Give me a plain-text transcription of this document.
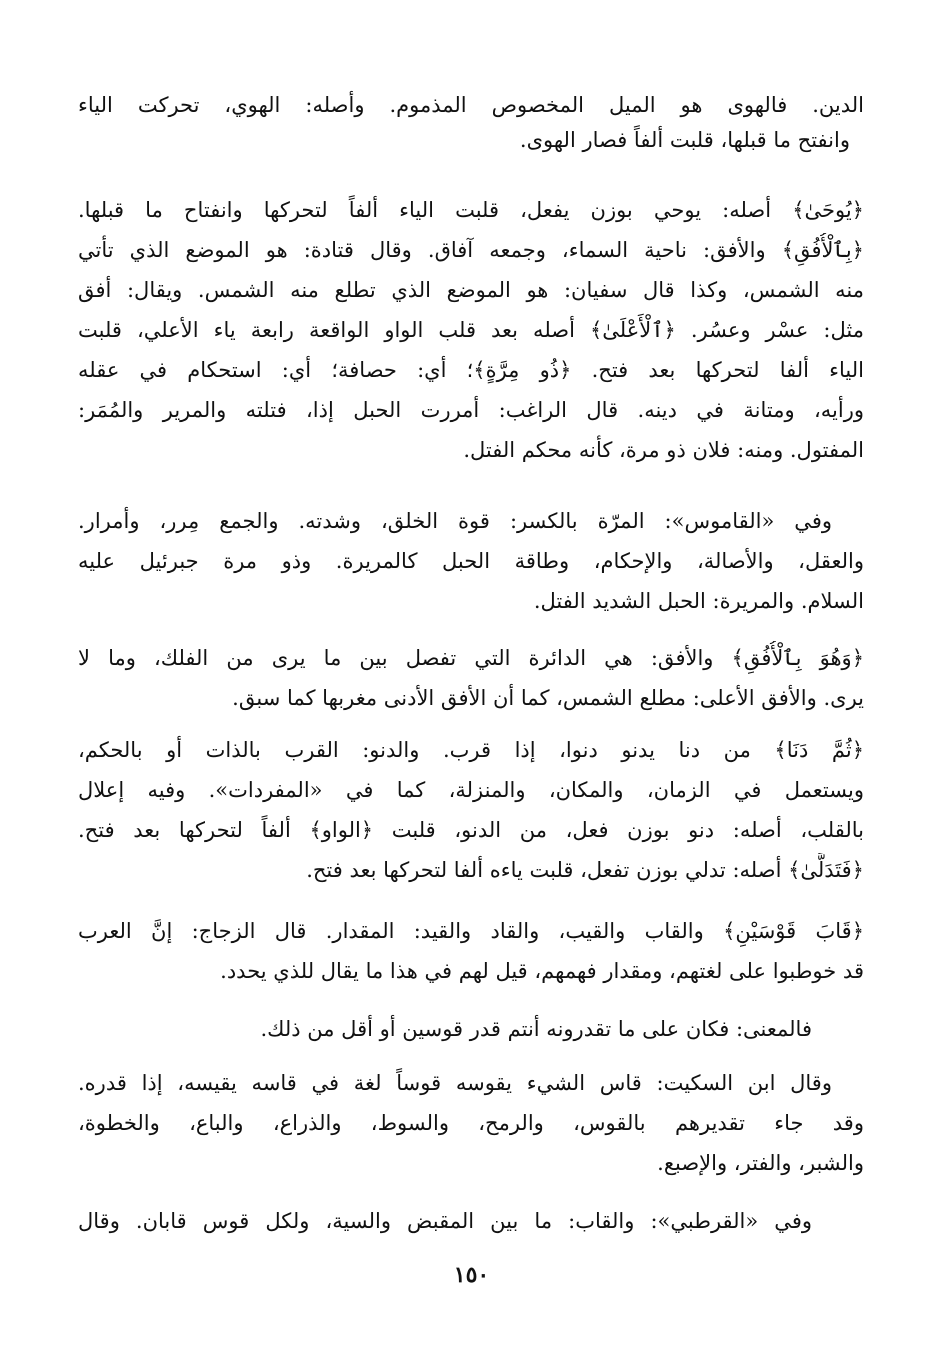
الدين. فالهوى هو الميل المخصوص المذموم. وأصله: الهوي، تحركت الياء
وانفتح ما قبلها، قلبت ألفاً فصار الهوى.
﴿يُوحَىٰ﴾ أصله: يوحي بوزن يفعل، قلبت الياء ألفاً لتحركها وانفتاح ما قبلها.
﴿بِٱلْأُفُقِ﴾ والأفق: ناحية السماء، وجمعه آفاق. وقال قتادة: هو الموضع الذي تأتي
منه الشمس، وكذا قال سفيان: هو الموضع الذي تطلع منه الشمس. ويقال: أفق
مثل: عسْر وعسُر. ﴿ٱلْأَعْلَىٰ﴾ أصله بعد قلب الواو الواقعة رابعة ياء الأعلي، قلبت
الياء ألفا لتحركها بعد فتح. ﴿ذُو مِرَّةٍ﴾؛ أي: حصافة؛ أي: استحكام في عقله
ورأيه، ومتانة في دينه. قال الراغب: أمررت الحبل إذا، فتلته والمرير والمُمَر:
المفتول. ومنه: فلان ذو مرة، كأنه محكم الفتل.
وفي «القاموس»: المرّة بالكسر: قوة الخلق، وشدته. والجمع مِرر، وأمرار.
والعقل، والأصالة، والإحكام، وطاقة الحبل كالمريرة. وذو مرة جبرئيل عليه
السلام. والمريرة: الحبل الشديد الفتل.
﴿وَهُوَ بِٱلْأُفُقِ﴾ والأفق: هي الدائرة التي تفصل بين ما يرى من الفلك، وما لا
يرى. والأفق الأعلى: مطلع الشمس، كما أن الأفق الأدنى مغربها كما سبق.
﴿ثُمَّ دَنَا﴾ من دنا يدنو دنوا، إذا قرب. والدنو: القرب بالذات أو بالحكم،
ويستعمل في الزمان، والمكان، والمنزلة، كما في «المفردات». وفيه إعلال
بالقلب، أصله: دنو بوزن فعل، من الدنو، قلبت ﴿الواو﴾ ألفاً لتحركها بعد فتح.
﴿فَتَدَلَّىٰ﴾ أصله: تدلي بوزن تفعل، قلبت ياءه ألفا لتحركها بعد فتح.
﴿قَابَ قَوْسَيْنِ﴾ والقاب والقيب، والقاد والقيد: المقدار. قال الزجاج: إنَّ العرب
قد خوطبوا على لغتهم، ومقدار فهمهم، قيل لهم في هذا ما يقال للذي يحدد.
فالمعنى: فكان على ما تقدرونه أنتم قدر قوسين أو أقل من ذلك.
وقال ابن السكيت: قاس الشيء يقوسه قوساً لغة في قاسه يقيسه، إذا قدره.
وقد جاء تقديرهم بالقوس، والرمح، والسوط، والذراع، والباع، والخطوة،
والشبر، والفتر، والإصبع.
وفي «القرطبي»: والقاب: ما بين المقبض والسية، ولكل قوس قابان. وقال
١٥٠
